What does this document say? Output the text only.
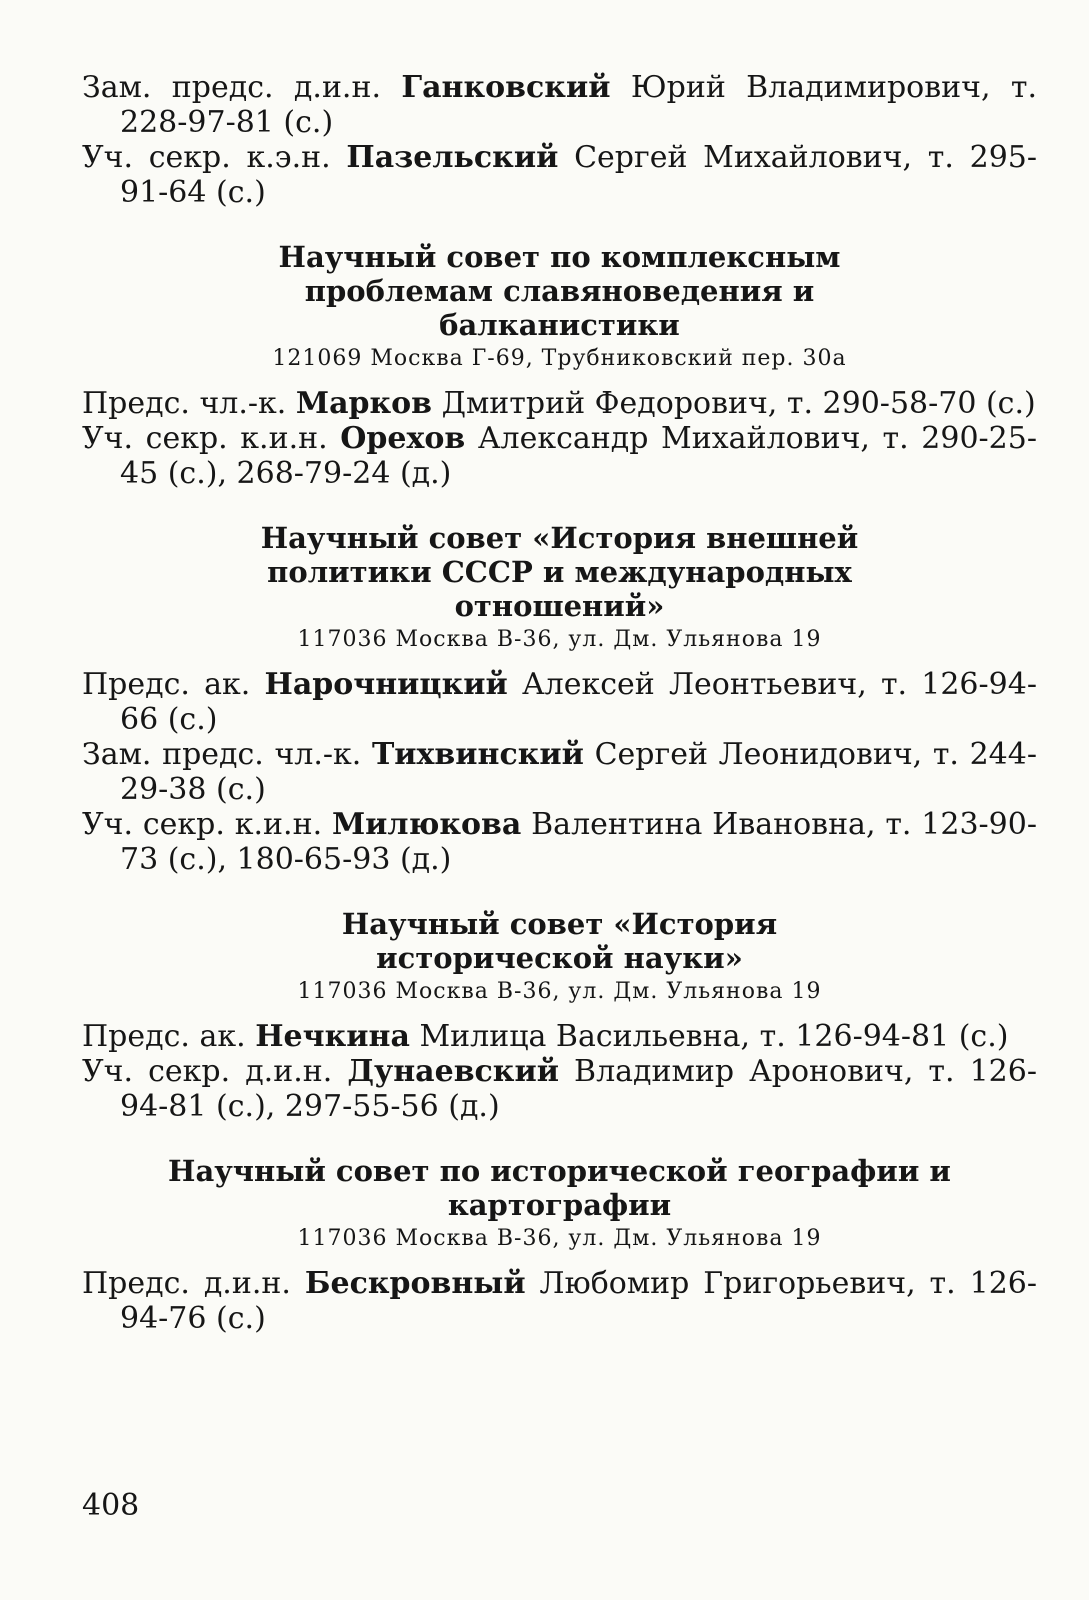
Зам. предс. д.и.н. Ганковский Юрий Владимирович, т. 228-97-81 (с.)

Уч. секр. к.э.н. Пазельский Сергей Михайлович, т. 295-91-64 (с.)

Научный совет по комплексным проблемам славяноведения и балканистики
121069 Москва Г-69, Трубниковский пер. 30а

Предс. чл.-к. Марков Дмитрий Федорович, т. 290-58-70 (с.)

Уч. секр. к.и.н. Орехов Александр Михайлович, т. 290-25-45 (с.), 268-79-24 (д.)

Научный совет «История внешней политики СССР и международных отношений»
117036 Москва В-36, ул. Дм. Ульянова 19

Предс. ак. Нарочницкий Алексей Леонтьевич, т. 126-94-66 (с.)

Зам. предс. чл.-к. Тихвинский Сергей Леонидович, т. 244-29-38 (с.)

Уч. секр. к.и.н. Милюкова Валентина Ивановна, т. 123-90-73 (с.), 180-65-93 (д.)

Научный совет «История исторической науки»
117036 Москва В-36, ул. Дм. Ульянова 19

Предс. ак. Нечкина Милица Васильевна, т. 126-94-81 (с.)

Уч. секр. д.и.н. Дунаевский Владимир Аронович, т. 126-94-81 (с.), 297-55-56 (д.)

Научный совет по исторической географии и картографии
117036 Москва В-36, ул. Дм. Ульянова 19

Предс. д.и.н. Бескровный Любомир Григорьевич, т. 126-94-76 (с.)

408
